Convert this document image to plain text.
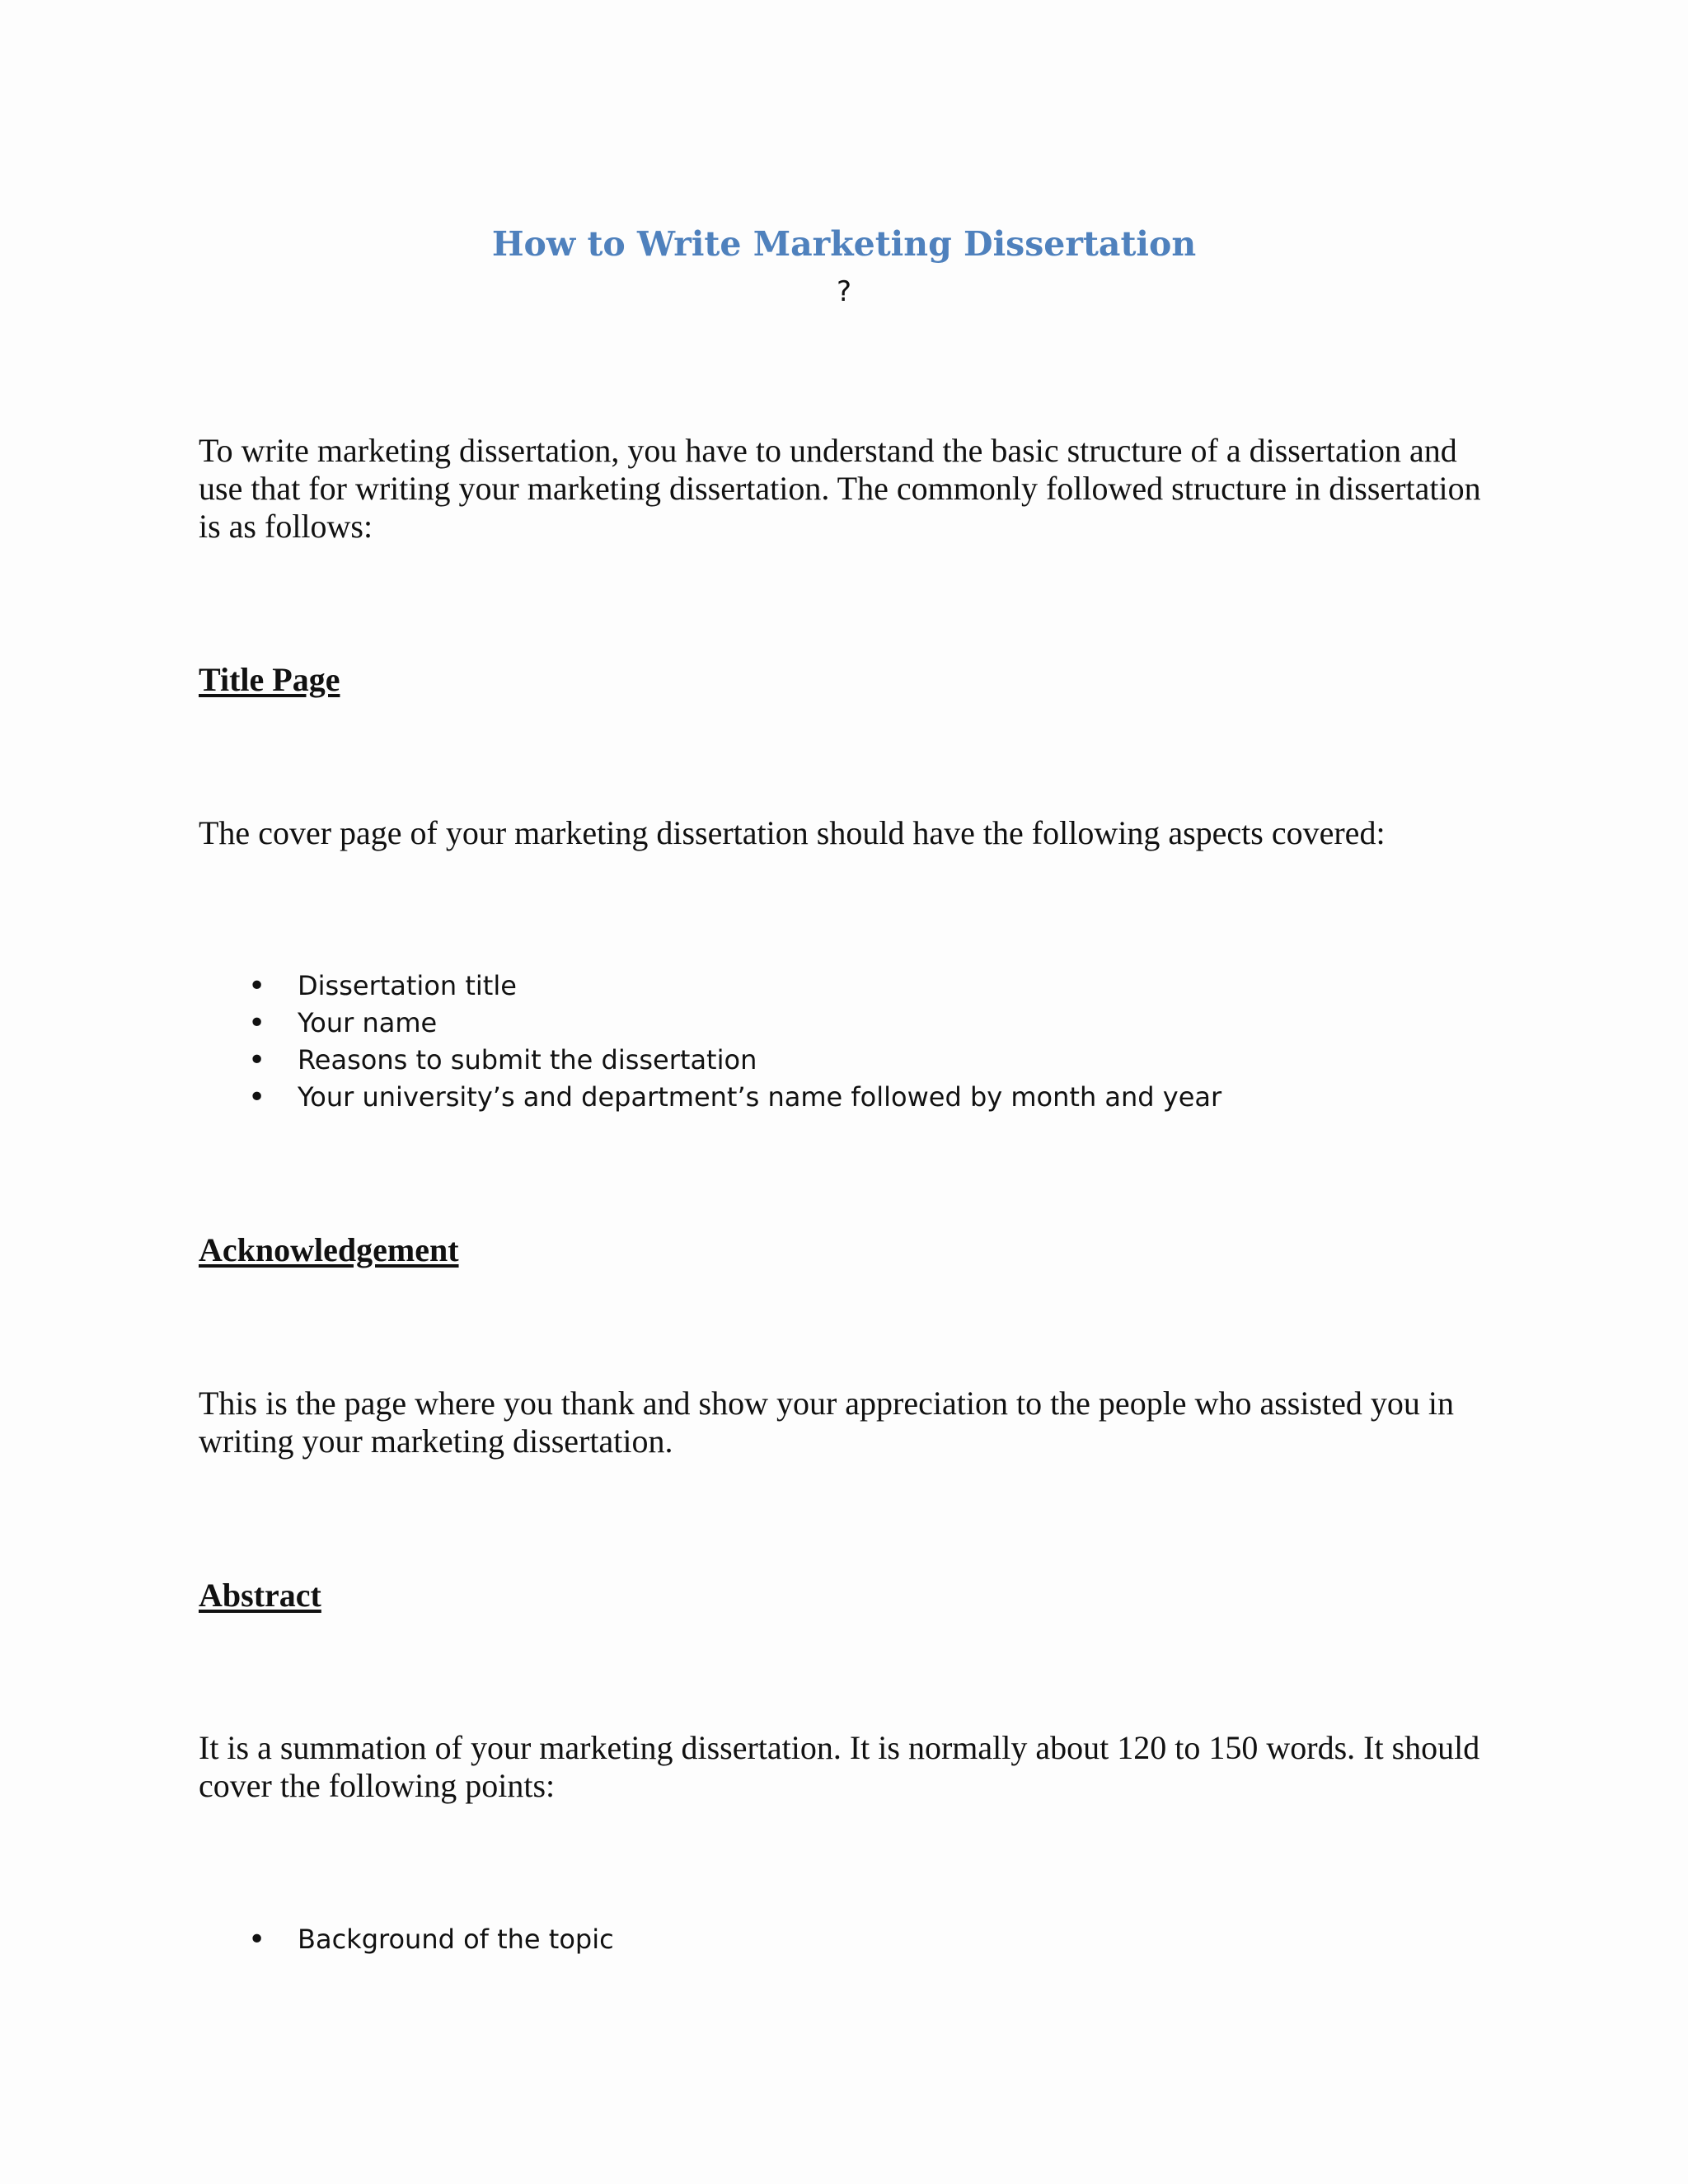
How to Write Marketing Dissertation
?

To write marketing dissertation, you have to understand the basic structure of a dissertation and use that for writing your marketing dissertation. The commonly followed structure in dissertation is as follows:

Title Page

The cover page of your marketing dissertation should have the following aspects covered:

• Dissertation title
• Your name
• Reasons to submit the dissertation
• Your university’s and department’s name followed by month and year
Acknowledgement

This is the page where you thank and show your appreciation to the people who assisted you in writing your marketing dissertation.

Abstract

It is a summation of your marketing dissertation. It is normally about 120 to 150 words. It should cover the following points:

• Background of the topic
